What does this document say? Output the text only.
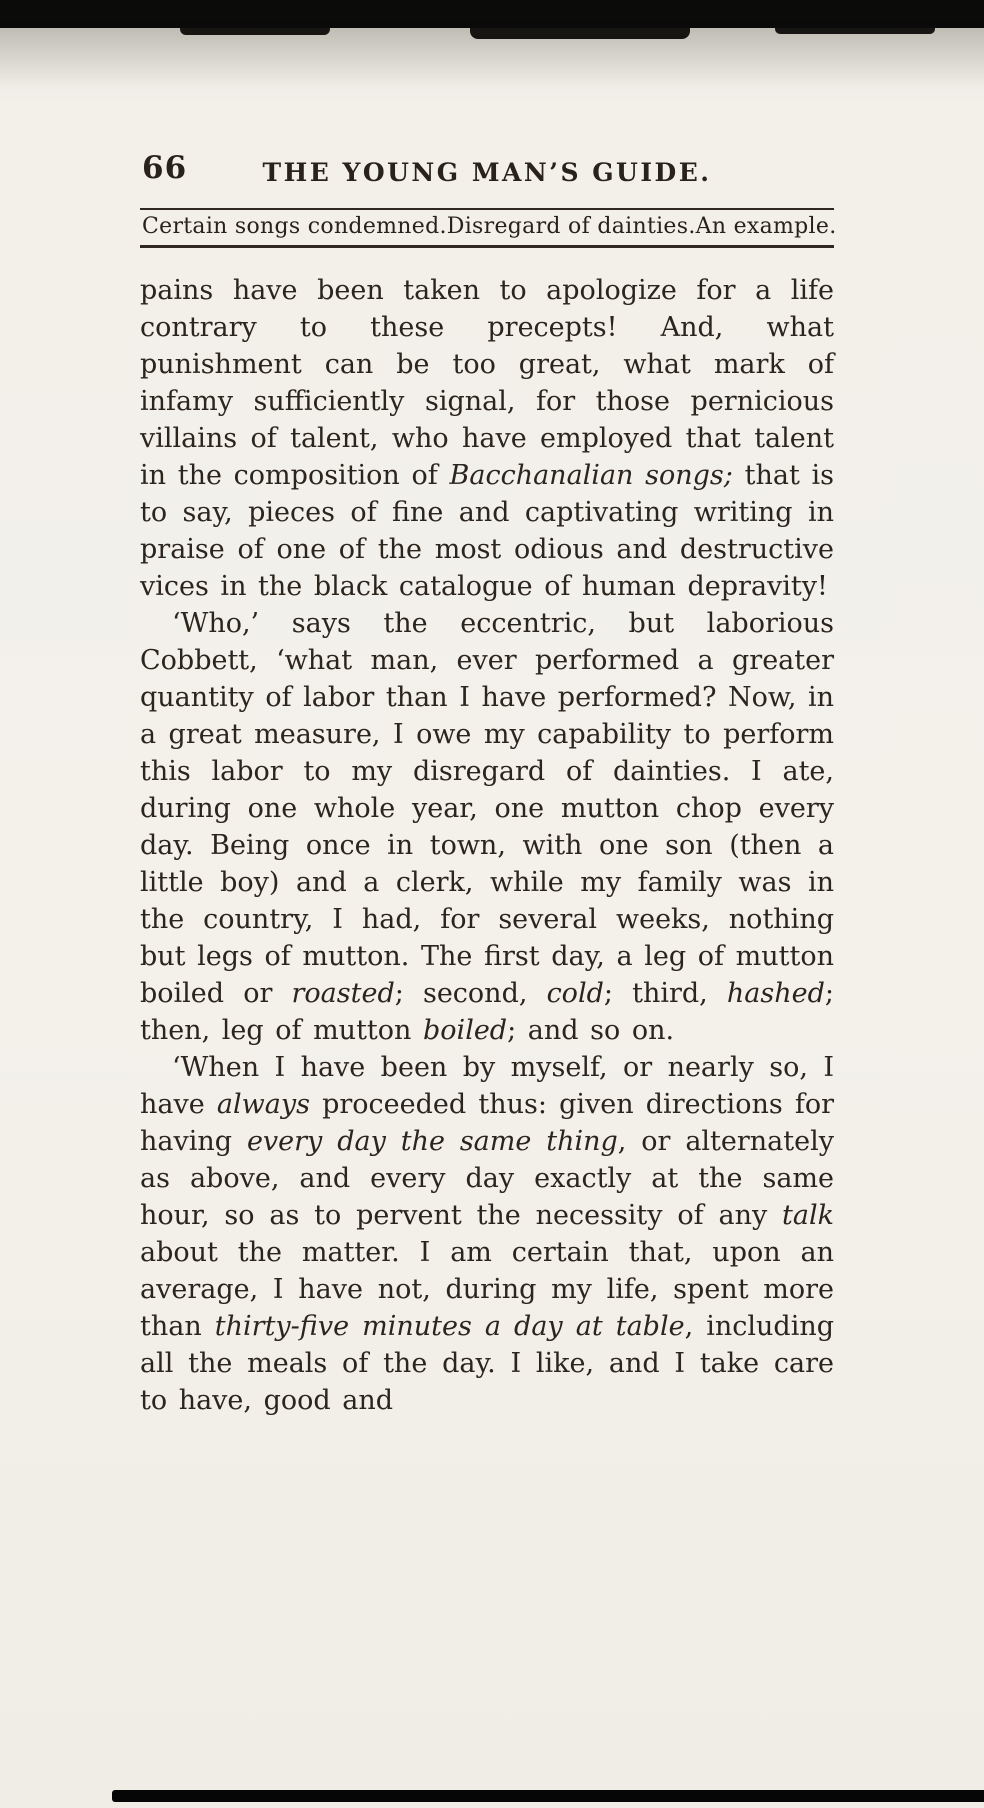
66	THE YOUNG MAN’S GUIDE.
Certain songs condemned. Disregard of dainties. An example.

pains have been taken to apologize for a life contrary to these precepts! And, what punishment can be too great, what mark of infamy sufficiently signal, for those pernicious villains of talent, who have employed that talent in the composition of Bacchanalian songs; that is to say, pieces of fine and captivating writing in praise of one of the most odious and destructive vices in the black catalogue of human depravity!

‘Who,’ says the eccentric, but laborious Cobbett, ‘what man, ever performed a greater quantity of labor than I have performed? Now, in a great measure, I owe my capability to perform this labor to my disregard of dainties. I ate, during one whole year, one mutton chop every day. Being once in town, with one son (then a little boy) and a clerk, while my family was in the country, I had, for several weeks, nothing but legs of mutton. The first day, a leg of mutton boiled or roasted; second, cold; third, hashed; then, leg of mutton boiled; and so on.

‘When I have been by myself, or nearly so, I have always proceeded thus: given directions for having every day the same thing, or alternately as above, and every day exactly at the same hour, so as to pervent the necessity of any talk about the matter. I am certain that, upon an average, I have not, during my life, spent more than thirty-five minutes a day at table, including all the meals of the day. I like, and I take care to have, good and
